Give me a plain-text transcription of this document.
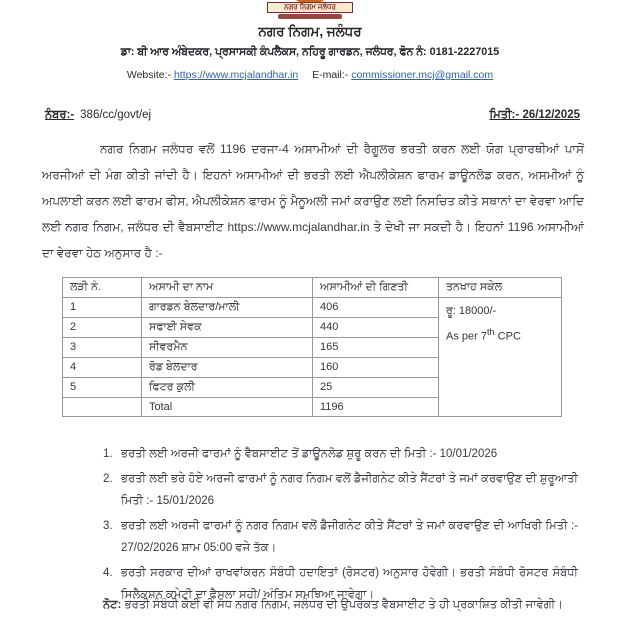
ਨਗਰ ਨਿਗਮ ਜਲੰਧਰ
ਨਗਰ ਨਿਗਮ, ਜਲੰਧਰ
ਡਾ: ਬੀ ਆਰ ਅੰਬੇਦਕਰ, ਪ੍ਰਸਾਸਕੀ ਕੰਪਲੈਕਸ, ਨਹਿਰੂ ਗਾਰਡਨ, ਜਲੰਧਰ, ਫੋਨ ਨੰ: 0181-2227015
Website:- https://www.mcjalandhar.in E-mail:- commissioner.mcj@gmail.com
ਨੰਬਰ:- 386/cc/govt/ej	ਮਿਤੀ:- 26/12/2025

ਨਗਰ ਨਿਗਮ ਜਲੰਧਰ ਵਲੋਂ 1196 ਦਰਜਾ-4 ਅਸਾਮੀਆਂ ਦੀ ਰੈਗੂਲਰ ਭਰਤੀ ਕਰਨ ਲਈ ਯੋਗ ਪ੍ਰਾਰਥੀਆਂ ਪਾਸੋਂ ਅਰਜੀਆਂ ਦੀ ਮੰਗ ਕੀਤੀ ਜਾਂਦੀ ਹੈ। ਇਹਨਾਂ ਅਸਾਮੀਆਂ ਦੀ ਭਰਤੀ ਲਈ ਐਪਲੀਕੇਸ਼ਨ ਫਾਰਮ ਡਾਊਨਲੋਡ ਕਰਨ, ਅਸਮੀਆਂ ਨੂੰ ਅਪਲਾਈ ਕਰਨ ਲਈ ਫਾਰਮ ਫੀਸ, ਐਪਲੀਕੇਸ਼ਨ ਫਾਰਮ ਨੂੰ ਮੈਨੂਅਲੀ ਜਮਾਂ ਕਰਾਉਣ ਲਈ ਨਿਸਚਿਤ ਕੀਤੇ ਸਥਾਨਾਂ ਦਾ ਵੇਰਵਾ ਆਦਿ ਲਈ ਨਗਰ ਨਿਗਮ, ਜਲੰਧਰ ਦੀ ਵੈਬਸਾਈਟ https://www.mcjalandhar.in ਤੇ ਦੇਖੀ ਜਾ ਸਕਦੀ ਹੈ। ਇਹਨਾਂ 1196 ਅਸਾਮੀਆਂ ਦਾ ਵੇਰਵਾ ਹੇਠ ਅਨੁਸਾਰ ਹੈ :-

ਲੜੀ ਨੰ.	ਅਸਾਮੀ ਦਾ ਨਾਮ	ਅਸਾਮੀਆਂ ਦੀ ਗਿਣਤੀ	ਤਨਖਾਹ ਸਕੇਲ
1	ਗਾਰਡਨ ਬੇਲਦਾਰ/ਮਾਲੀ	406	ਰੂ: 18000/-
As per 7th CPC

2	ਸਫਾਈ ਸੇਵਕ	440	
3	ਸੀਵਰਮੈਨ	165	
4	ਰੋਡ ਬੇਲਦਾਰ	160	
5	ਫਿਟਰ ਕੁਲੀ	25	
	Total	1196	
1. ਭਰਤੀ ਲਈ ਅਰਜੀ ਫਾਰਮਾਂ ਨੂੰ ਵੈਬਸਾਈਟ ਤੋਂ ਡਾਊਨਲੋਡ ਸ਼ੁਰੂ ਕਰਨ ਦੀ ਮਿਤੀ :- 10/01/2026
2. ਭਰਤੀ ਲਈ ਭਰੇ ਹੋਏ ਅਰਜੀ ਫਾਰਮਾਂ ਨੂੰ ਨਗਰ ਨਿਗਮ ਵਲੋਂ ਡੈਜੀਗਨੇਟ ਕੀਤੇ ਸੈਂਟਰਾਂ ਤੇ ਜਮਾਂ ਕਰਵਾਉਣ ਦੀ ਸ਼ੁਰੂਆਤੀ ਮਿਤੀ :- 15/01/2026
3. ਭਰਤੀ ਲਈ ਅਰਜੀ ਫਾਰਮਾਂ ਨੂੰ ਨਗਰ ਨਿਗਮ ਵਲੋਂ ਡੈਜੀਗਨੇਟ ਕੀਤੇ ਸੈਂਟਰਾਂ ਤੇ ਜਮਾਂ ਕਰਵਾਉਣ ਦੀ ਆਖਿਰੀ ਮਿਤੀ :- 27/02/2026 ਸ਼ਾਮ 05:00 ਵਜੇ ਤੱਕ।
4. ਭਰਤੀ ਸਰਕਾਰ ਦੀਆਂ ਰਾਖਵਾਂਕਰਨ ਸੰਬੰਧੀ ਹਦਾਇਤਾਂ (ਰੋਸਟਰ) ਅਨੁਸਾਰ ਹੋਵੇਗੀ। ਭਰਤੀ ਸੰਬੰਧੀ ਰੋਸਟਰ ਸੰਬੰਧੀ ਸਿਲੈਕਸ਼ਨ ਕਮੇਟੀ ਦਾ ਫੈਸਲਾ ਸਹੀ/ ਅੰਤਿਮ ਸਮਝਿਆ ਜਾਵੇਗਾ।
ਨੋਟ: ਭਰਤੀ ਸੰਬੰਧੀ ਕੋਈ ਵੀ ਸੋਧ ਨਗਰ ਨਿਗਮ, ਜਲੰਧਰ ਦੀ ਉਪਰੋਕਤ ਵੈਬਸਾਈਟ ਤੇ ਹੀ ਪ੍ਰਕਾਸ਼ਿਤ ਕੀਤੀ ਜਾਵੇਗੀ।
